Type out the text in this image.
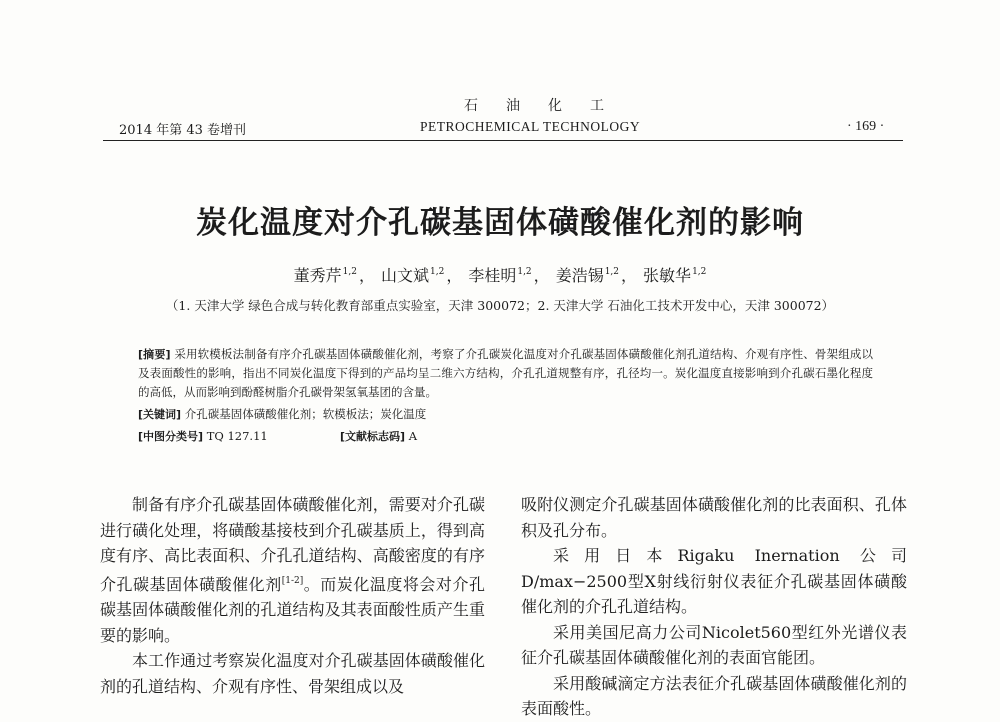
石油化工
2014 年第 43 卷增刊	PETROCHEMICAL TECHNOLOGY	· 169 ·
炭化温度对介孔碳基固体磺酸催化剂的影响
董秀芹$^{1,2}$ ， 山文斌$^{1,2}$ ， 李桂明$^{1,2}$ ， 姜浩锡$^{1,2}$ ， 张敏华$^{1,2}$
（1. 天津大学 绿色合成与转化教育部重点实验室，天津 300072；2. 天津大学 石油化工技术开发中心，天津 300072）
[摘要] 采用软模板法制备有序介孔碳基固体磺酸催化剂，考察了介孔碳炭化温度对介孔碳基固体磺酸催化剂孔道结构、介观有序性、骨架组成以及表面酸性的影响，指出不同炭化温度下得到的产品均呈二维六方结构，介孔孔道规整有序，孔径均一。炭化温度直接影响到介孔碳石墨化程度的高低，从而影响到酚醛树脂介孔碳骨架氢氧基团的含量。
[关键词] 介孔碳基固体磺酸催化剂；软模板法；炭化温度
[中图分类号] TQ 127.11	[文献标志码] A

制备有序介孔碳基固体磺酸催化剂，需要对介孔碳进行磺化处理，将磺酸基接枝到介孔碳基质上，得到高度有序、高比表面积、介孔孔道结构、高酸密度的有序介孔碳基固体磺酸催化剂[1-2]。而炭化温度将会对介孔碳基固体磺酸催化剂的孔道结构及其表面酸性质产生重要的影响。

本工作通过考察炭化温度对介孔碳基固体磺酸催化剂的孔道结构、介观有序性、骨架组成以及

吸附仪测定介孔碳基固体磺酸催化剂的比表面积、孔体积及孔分布。

采用日本Rigaku Inernation 公司 D/max−2500型X射线衍射仪表征介孔碳基固体磺酸催化剂的介孔孔道结构。

采用美国尼高力公司Nicolet560型红外光谱仪表征介孔碳基固体磺酸催化剂的表面官能团。

采用酸碱滴定方法表征介孔碳基固体磺酸催化剂的表面酸性。
